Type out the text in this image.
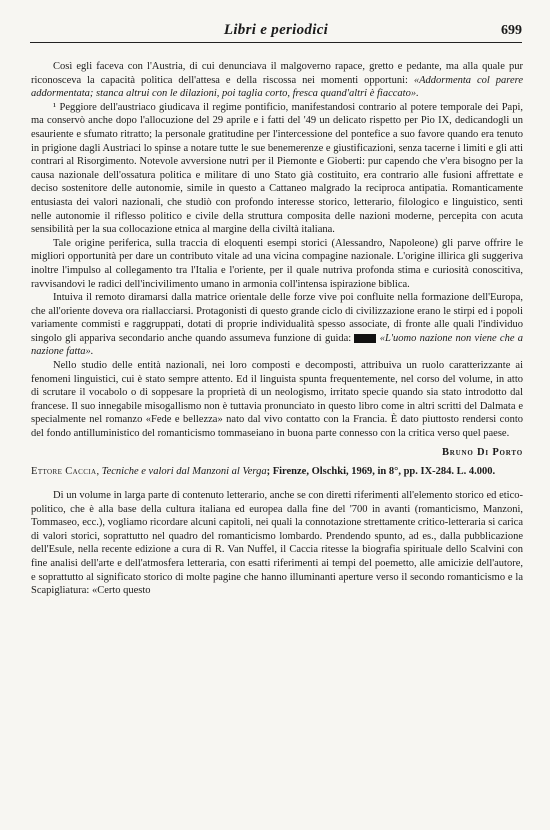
Libri e periodici	699

Così egli faceva con l'Austria, di cui denunciava il malgoverno rapace, gretto e pedante, ma alla quale pur riconosceva la capacità politica dell'attesa e della riscossa nei momenti opportuni: «Addormenta col parere addormentata; stanca altrui con le dilazioni, poi taglia corto, fresca quand'altri è fiaccato».

¹ Peggiore dell'austriaco giudicava il regime pontificio, manifestandosi contrario al potere temporale dei Papi, ma conservò anche dopo l'allocuzione del 29 aprile e i fatti del '49 un delicato rispetto per Pio IX, dedicandogli un esauriente e sfumato ritratto; la personale gratitudine per l'intercessione del pontefice a suo favore quando era tenuto in prigione dagli Austriaci lo spinse a notare tutte le sue benemerenze e giustificazioni, senza tacerne i limiti e gli atti contrari al Risorgimento. Notevole avversione nutrì per il Piemonte e Gioberti: pur capendo che v'era bisogno per la causa nazionale dell'ossatura politica e militare di uno Stato già costituito, era contrario alle fusioni affrettate e deciso sostenitore delle autonomie, simile in questo a Cattaneo malgrado la reciproca antipatia. Romanticamente entusiasta dei valori nazionali, che studiò con profondo interesse storico, letterario, filologico e linguistico, sentì nelle autonomie il riflesso politico e civile della struttura composita delle nazioni moderne, percepita con acuta sensibilità per la sua collocazione etnica al margine della civiltà italiana.

Tale origine periferica, sulla traccia di eloquenti esempi storici (Alessandro, Napoleone) gli parve offrire le migliori opportunità per dare un contributo vitale ad una vicina compagine nazionale. L'origine illirica gli suggeriva inoltre l'impulso al collegamento tra l'Italia e l'oriente, per il quale nutriva profonda stima e curiosità conoscitiva, ravvisandovi le radici dell'incivilimento umano in armonia coll'intensa ispirazione biblica.

Intuiva il remoto diramarsi dalla matrice orientale delle forze vive poi confluite nella formazione dell'Europa, che all'oriente doveva ora riallacciarsi. Protagonisti di questo grande ciclo di civilizzazione erano le stirpi ed i popoli variamente commisti e raggruppati, dotati di proprie individualità spesso associate, di fronte alle quali l'individuo singolo gli appariva secondario anche quando assumeva funzione di guida:	«L'uomo nazione non viene che a nazione fatta».

Nello studio delle entità nazionali, nei loro composti e decomposti, attribuiva un ruolo caratterizzante ai fenomeni linguistici, cui è stato sempre attento. Ed il linguista spunta frequentemente, nel corso del volume, in atto di scrutare il vocabolo o di soppesare la proprietà di un neologismo, irritato specie quando sia stato introdotto dal francese. Il suo innegabile misogallismo non è tuttavia pronunciato in questo libro come in altri scritti del Dalmata e specialmente nel romanzo «Fede e bellezza» nato dal vivo contatto con la Francia. È dato piuttosto rendersi conto del fondo antilluministico del romanticismo tommaseiano in buona parte connesso con la critica verso quel paese.

Bruno Di Porto
Ettore Caccia, Tecniche e valori dal Manzoni al Verga; Firenze, Olschki, 1969, in 8°, pp. IX-284. L. 4.000.

Di un volume in larga parte di contenuto letterario, anche se con diretti riferimenti all'elemento storico ed etico-politico, che è alla base della cultura italiana ed europea dalla fine del '700 in avanti (romanticismo, Manzoni, Tommaseo, ecc.), vogliamo ricordare alcuni capitoli, nei quali la connotazione strettamente critico-letteraria si carica di valori storici, soprattutto nel quadro del romanticismo lombardo. Prendendo spunto, ad es., dalla pubblicazione dell'Esule, nella recente edizione a cura di R. Van Nuffel, il Caccia ritesse la biografia spirituale dello Scalvini con fine analisi dell'arte e dell'atmosfera letteraria, con esatti riferimenti ai tempi del poemetto, alle amicizie dell'autore, e soprattutto al significato storico di molte pagine che hanno illuminanti aperture verso il secondo romanticismo e la Scapigliatura: «Certo questo
